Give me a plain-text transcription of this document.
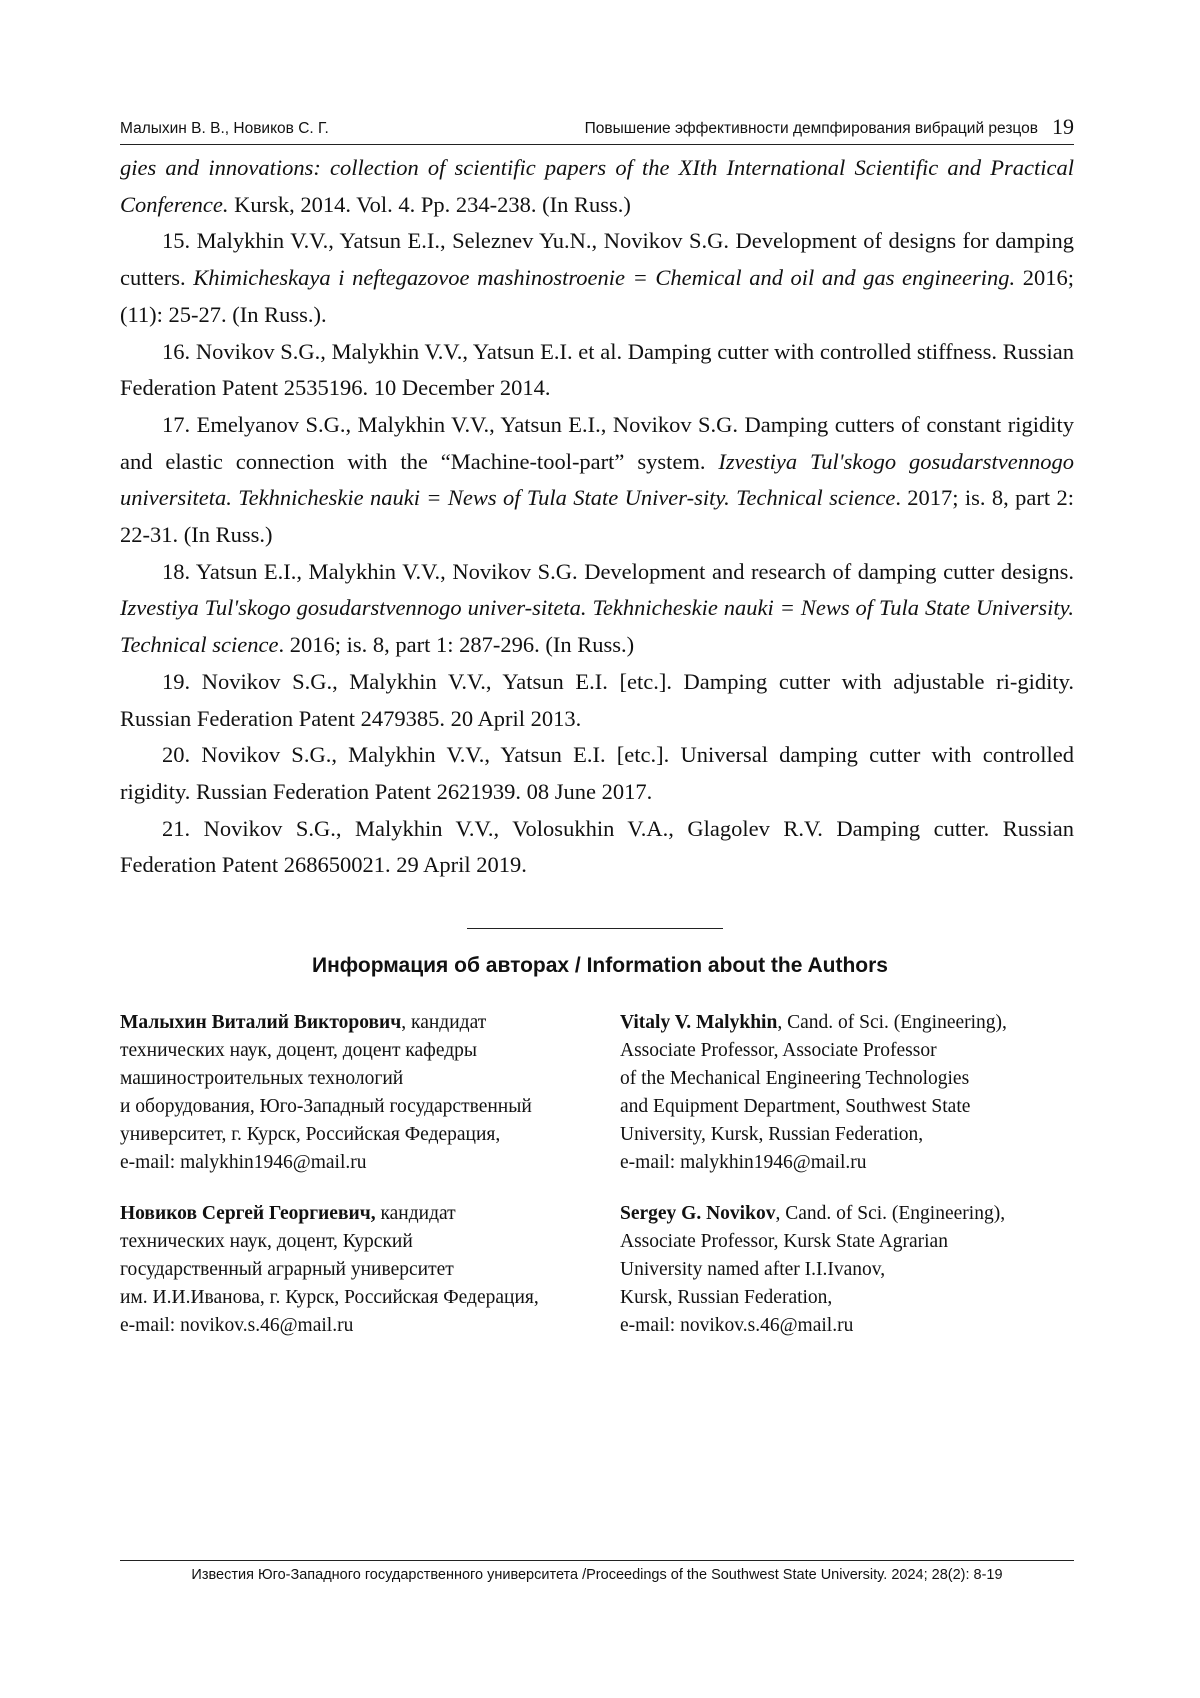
Малыхин В. В., Новиков С. Г.	Повышение эффективности демпфирования вибраций резцов 19

gies and innovations: collection of scientific papers of the XIth International Scientific and Practical Conference. Kursk, 2014. Vol. 4. Pp. 234-238. (In Russ.)

15. Malykhin V.V., Yatsun E.I., Seleznev Yu.N., Novikov S.G. Development of designs for damping cutters. Khimicheskaya i neftegazovoe mashinostroenie = Chemical and oil and gas engineering. 2016; (11): 25-27. (In Russ.).

16. Novikov S.G., Malykhin V.V., Yatsun E.I. et al. Damping cutter with controlled stiffness. Russian Federation Patent 2535196. 10 December 2014.

17. Emelyanov S.G., Malykhin V.V., Yatsun E.I., Novikov S.G. Damping cutters of constant rigidity and elastic connection with the “Machine-tool-part” system. Izvestiya Tul'skogo gosudarstvennogo universiteta. Tekhnicheskie nauki = News of Tula State Univer-sity. Technical science. 2017; is. 8, part 2: 22-31. (In Russ.)

18. Yatsun E.I., Malykhin V.V., Novikov S.G. Development and research of damping cutter designs. Izvestiya Tul'skogo gosudarstvennogo univer-siteta. Tekhnicheskie nauki = News of Tula State University. Technical science. 2016; is. 8, part 1: 287-296. (In Russ.)

19. Novikov S.G., Malykhin V.V., Yatsun E.I. [etc.]. Damping cutter with adjustable ri-gidity. Russian Federation Patent 2479385. 20 April 2013.

20. Novikov S.G., Malykhin V.V., Yatsun E.I. [etc.]. Universal damping cutter with controlled rigidity. Russian Federation Patent 2621939. 08 June 2017.

21. Novikov S.G., Malykhin V.V., Volosukhin V.A., Glagolev R.V. Damping cutter. Russian Federation Patent 268650021. 29 April 2019.

Информация об авторах / Information about the Authors
Малыхин Виталий Викторович, кандидат
технических наук, доцент, доцент кафедры
машиностроительных технологий
и оборудования, Юго-Западный государственный
университет, г. Курск, Российская Федерация,
e-mail: malykhin1946@mail.ru
Vitaly V. Malykhin, Cand. of Sci. (Engineering),
Associate Professor, Associate Professor
of the Mechanical Engineering Technologies
and Equipment Department, Southwest State
University, Kursk, Russian Federation,
e-mail: malykhin1946@mail.ru
Новиков Сергей Георгиевич, кандидат
технических наук, доцент, Курский
государственный аграрный университет
им. И.И.Иванова, г. Курск, Российская Федерация,
e-mail: novikov.s.46@mail.ru
Sergey G. Novikov, Cand. of Sci. (Engineering),
Associate Professor, Kursk State Agrarian
University named after I.I.Ivanov,
Kursk, Russian Federation,
e-mail: novikov.s.46@mail.ru
Известия Юго-Западного государственного университета /Proceedings of the Southwest State University. 2024; 28(2): 8-19
